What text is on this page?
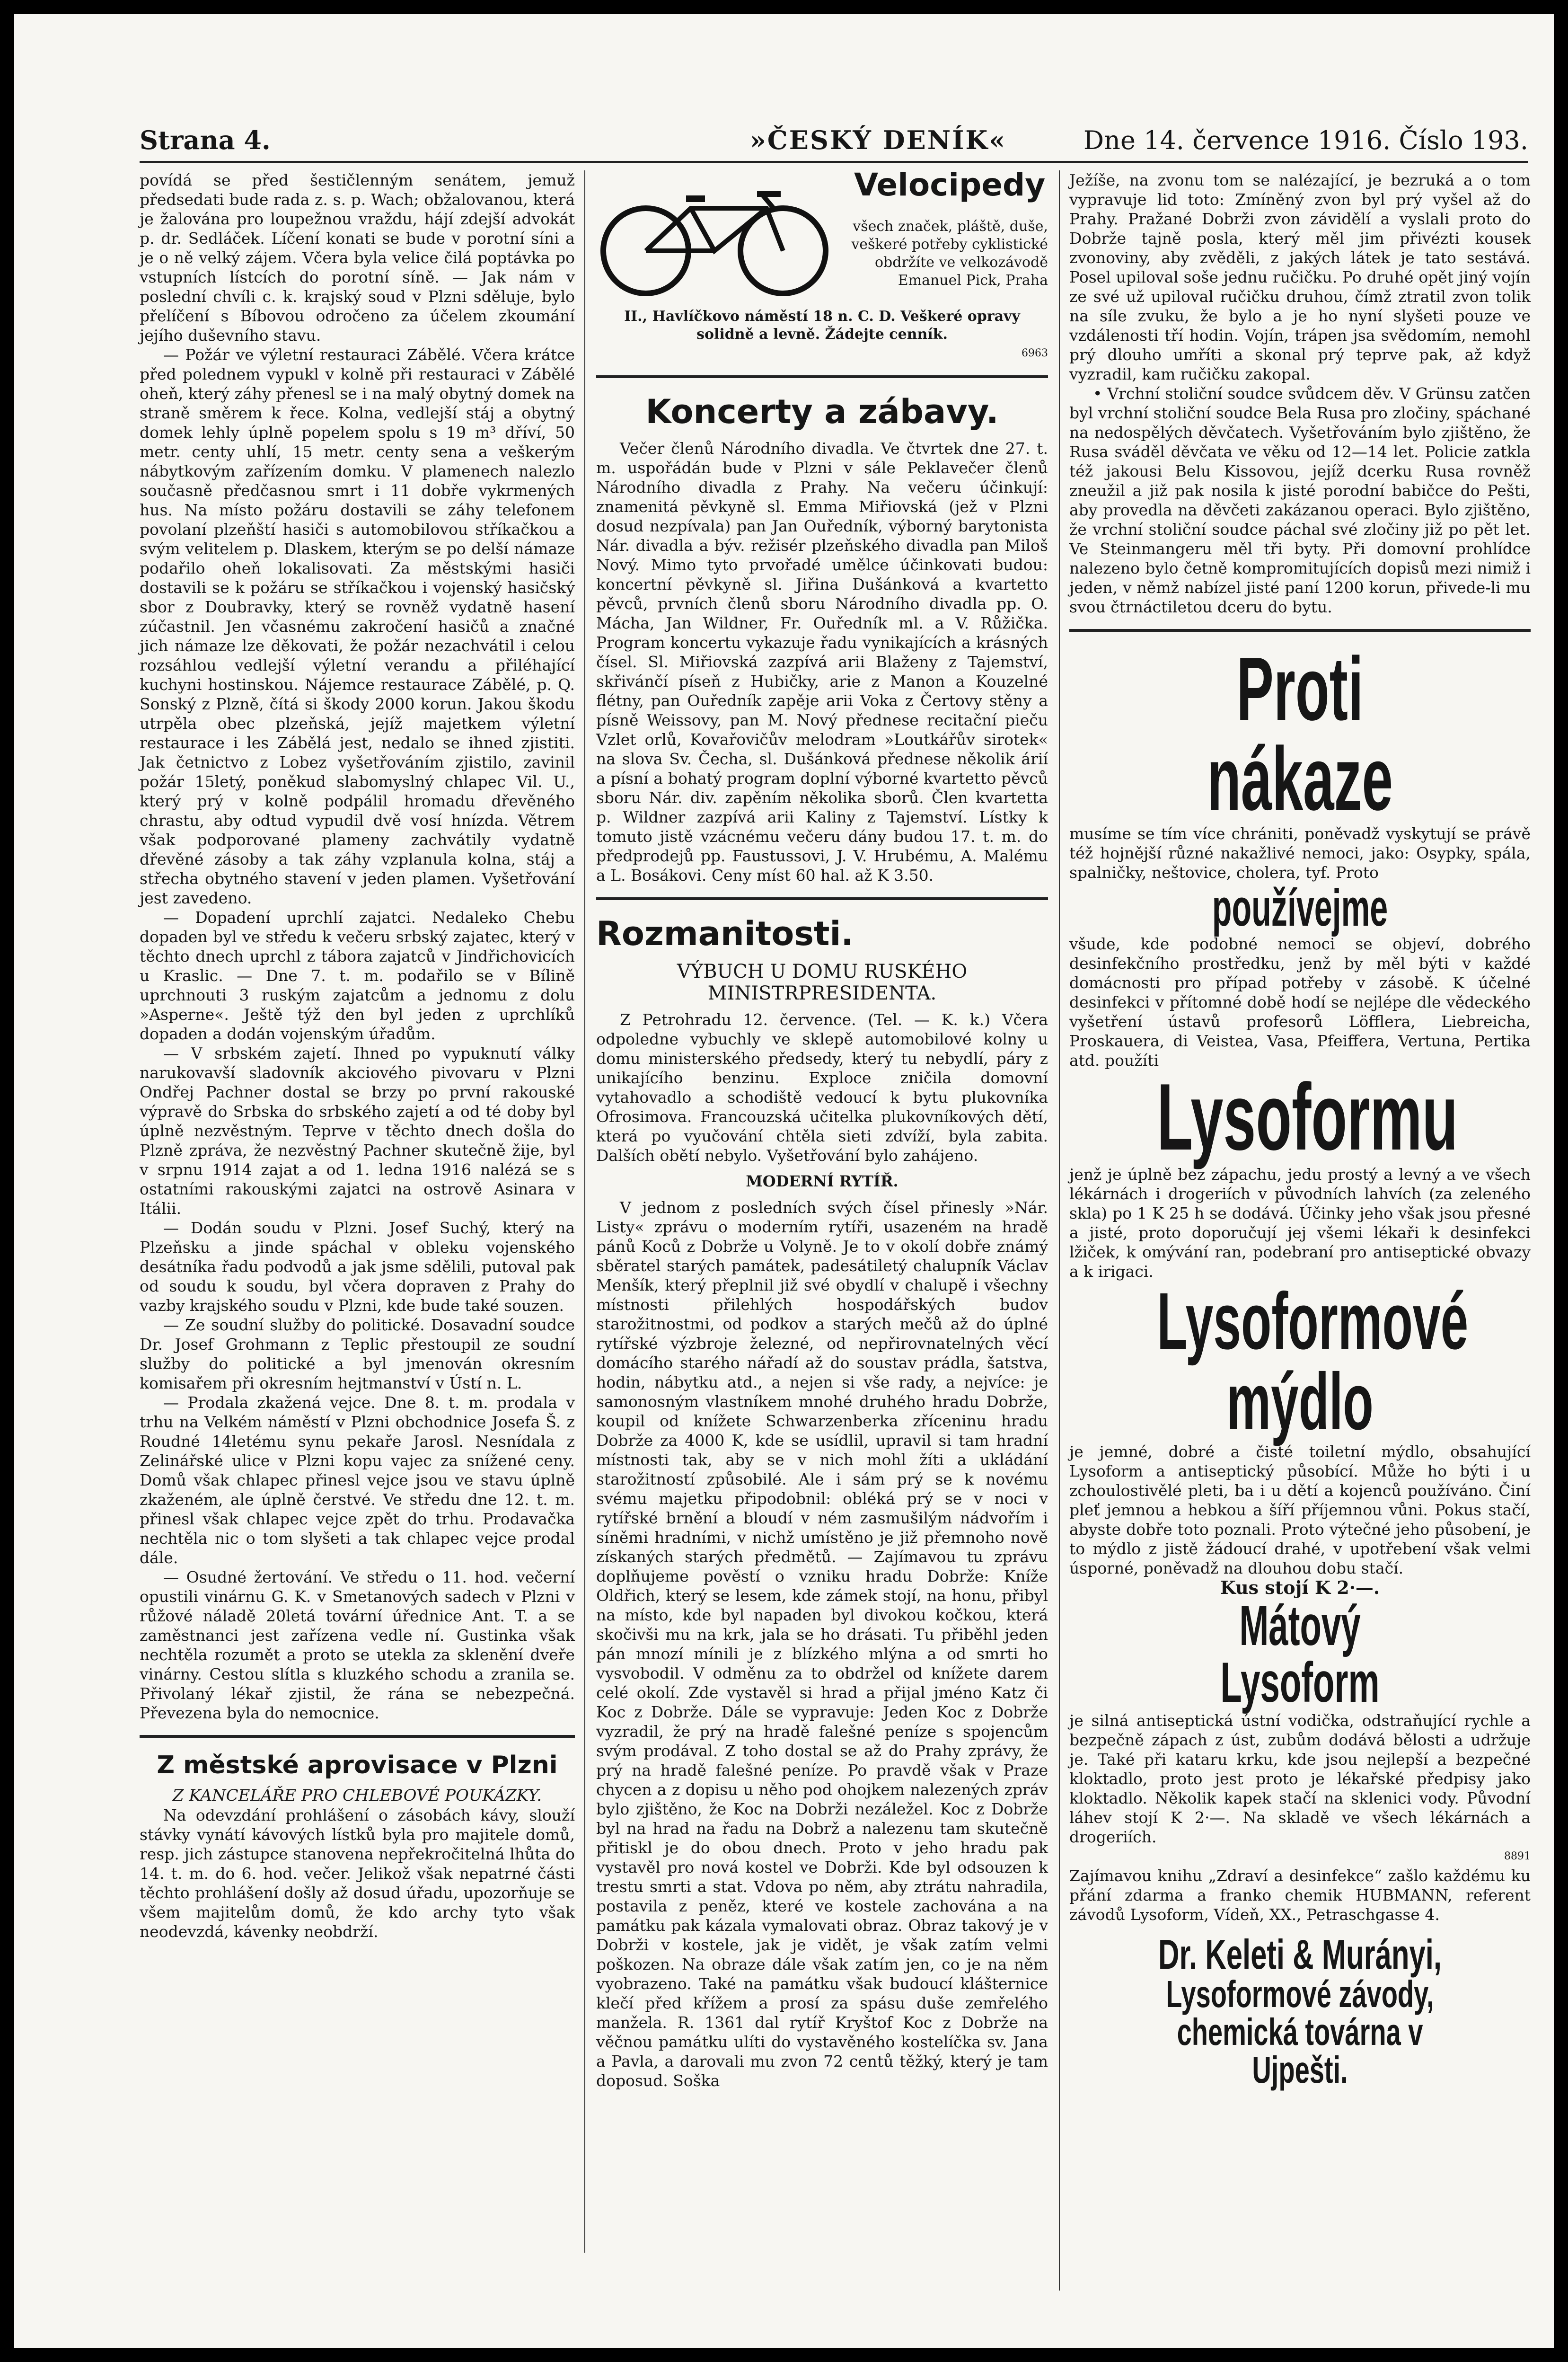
Strana 4.	»ČESKÝ DENÍK«	Dne 14. července 1916. Číslo 193.

povídá se před šestičlenným senátem, jemuž předsedati bude rada z. s. p. Wach; obžalovanou, která je žalována pro loupežnou vraždu, hájí zdejší advokát p. dr. Sedláček. Líčení konati se bude v porotní síni a je o ně velký zájem. Včera byla velice čilá poptávka po vstupních lístcích do porotní síně. — Jak nám v poslední chvíli c. k. krajský soud v Plzni sděluje, bylo přelíčení s Bíbovou odročeno za účelem zkoumání jejího duševního stavu.

— Požár ve výletní restauraci Zábělé. Včera krátce před polednem vypukl v kolně při restauraci v Zábělé oheň, který záhy přenesl se i na malý obytný domek na straně směrem k řece. Kolna, vedlejší stáj a obytný domek lehly úplně popelem spolu s 19 m³ dříví, 50 metr. centy uhlí, 15 metr. centy sena a veškerým nábytkovým zařízením domku. V plamenech nalezlo současně předčasnou smrt i 11 dobře vykrmených hus. Na místo požáru dostavili se záhy telefonem povolaní plzeňští hasiči s automobilovou stříkačkou a svým velitelem p. Dlaskem, kterým se po delší námaze podařilo oheň lokalisovati. Za městskými hasiči dostavili se k požáru se stříkačkou i vojenský hasičský sbor z Doubravky, který se rovněž vydatně hasení zúčastnil. Jen včasnému zakročení hasičů a značné jich námaze lze děkovati, že požár nezachvátil i celou rozsáhlou vedlejší výletní verandu a přiléhající kuchyni hostinskou. Nájemce restaurace Zábělé, p. Q. Sonský z Plzně, čítá si škody 2000 korun. Jakou škodu utrpěla obec plzeňská, jejíž majetkem výletní restaurace i les Zábělá jest, nedalo se ihned zjistiti. Jak četnictvo z Lobez vyšetřováním zjistilo, zavinil požár 15letý, poněkud slabomyslný chlapec Vil. U., který prý v kolně podpálil hromadu dřevěného chrastu, aby odtud vypudil dvě vosí hnízda. Větrem však podporované plameny zachvátily vydatně dřevěné zásoby a tak záhy vzplanula kolna, stáj a střecha obytného stavení v jeden plamen. Vyšetřování jest zavedeno.

— Dopadení uprchlí zajatci. Nedaleko Chebu dopaden byl ve středu k večeru srbský zajatec, který v těchto dnech uprchl z tábora zajatců v Jindřichovicích u Kraslic. — Dne 7. t. m. podařilo se v Bílině uprchnouti 3 ruským zajatcům a jednomu z dolu »Asperne«. Ještě týž den byl jeden z uprchlíků dopaden a dodán vojenským úřadům.

— V srbském zajetí. Ihned po vypuknutí války narukovavší sladovník akciového pivovaru v Plzni Ondřej Pachner dostal se brzy po první rakouské výpravě do Srbska do srbského zajetí a od té doby byl úplně nezvěstným. Teprve v těchto dnech došla do Plzně zpráva, že nezvěstný Pachner skutečně žije, byl v srpnu 1914 zajat a od 1. ledna 1916 nalézá se s ostatními rakouskými zajatci na ostrově Asinara v Itálii.

— Dodán soudu v Plzni. Josef Suchý, který na Plzeňsku a jinde spáchal v obleku vojenského desátníka řadu podvodů a jak jsme sdělili, putoval pak od soudu k soudu, byl včera dopraven z Prahy do vazby krajského soudu v Plzni, kde bude také souzen.

— Ze soudní služby do politické. Dosavadní soudce Dr. Josef Grohmann z Teplic přestoupil ze soudní služby do politické a byl jmenován okresním komisařem při okresním hejtmanství v Ústí n. L.

— Prodala zkažená vejce. Dne 8. t. m. prodala v trhu na Velkém náměstí v Plzni obchodnice Josefa Š. z Roudné 14letému synu pekaře Jarosl. Nesnídala z Zelinářské ulice v Plzni kopu vajec za snížené ceny. Domů však chlapec přinesl vejce jsou ve stavu úplně zkaženém, ale úplně čerstvé. Ve středu dne 12. t. m. přinesl však chlapec vejce zpět do trhu. Prodavačka nechtěla nic o tom slyšeti a tak chlapec vejce prodal dále.

— Osudné žertování. Ve středu o 11. hod. večerní opustili vinárnu G. K. v Smetanových sadech v Plzni v růžové náladě 20letá tovární úřednice Ant. T. a se zaměstnanci jest zařízena vedle ní. Gustinka však nechtěla rozumět a proto se utekla za sklenění dveře vinárny. Cestou slítla s kluzkého schodu a zranila se. Přivolaný lékař zjistil, že rána se nebezpečná. Převezena byla do nemocnice.

Z městské aprovisace v Plzni
Z KANCELÁŘE PRO CHLEBOVÉ POUKÁZKY.

Na odevzdání prohlášení o zásobách kávy, slouží stávky vynátí kávových lístků byla pro majitele domů, resp. jich zástupce stanovena nepřekročitelná lhůta do 14. t. m. do 6. hod. večer. Jelikož však nepatrné části těchto prohlášení došly až dosud úřadu, upozorňuje se všem majitelům domů, že kdo archy tyto však neodevzdá, kávenky neobdrží.

Velocipedy
všech značek, pláště, duše, veškeré potřeby cyklistické obdržíte ve velkozávodě Emanuel Pick, Praha
II., Havlíčkovo náměstí 18 n. C. D. Veškeré opravy solidně a levně. Žádejte cenník.
6963
Koncerty a zábavy.

Večer členů Národního divadla. Ve čtvrtek dne 27. t. m. uspořádán bude v Plzni v sále Peklavečer členů Národního divadla z Prahy. Na večeru účinkují: znamenitá pěvkyně sl. Emma Miřiovská (jež v Plzni dosud nezpívala) pan Jan Ouředník, výborný barytonista Nár. divadla a býv. režisér plzeňského divadla pan Miloš Nový. Mimo tyto prvořadé umělce účinkovati budou: koncertní pěvkyně sl. Jiřina Dušánková a kvartetto pěvců, prvních členů sboru Národního divadla pp. O. Mácha, Jan Wildner, Fr. Ouředník ml. a V. Růžička. Program koncertu vykazuje řadu vynikajících a krásných čísel. Sl. Miřiovská zazpívá arii Blaženy z Tajemství, skřivánčí píseň z Hubičky, arie z Manon a Kouzelné flétny, pan Ouředník zapěje arii Voka z Čertovy stěny a písně Weissovy, pan M. Nový přednese recitační pieču Vzlet orlů, Kovařovičův melodram »Loutkářův sirotek« na slova Sv. Čecha, sl. Dušánková přednese několik árií a písní a bohatý program doplní výborné kvartetto pěvců sboru Nár. div. zapěním několika sborů. Člen kvartetta p. Wildner zazpívá arii Kaliny z Tajemství. Lístky k tomuto jistě vzácnému večeru dány budou 17. t. m. do předprodejů pp. Faustussovi, J. V. Hrubému, A. Malému a L. Bosákovi. Ceny míst 60 hal. až K 3.50.

Rozmanitosti.
VÝBUCH U DOMU RUSKÉHO MINISTRPRESIDENTA.

Z Petrohradu 12. července. (Tel. — K. k.) Včera odpoledne vybuchly ve sklepě automobilové kolny u domu ministerského předsedy, který tu nebydlí, páry z unikajícího benzinu. Exploce zničila domovní vytahovadlo a schodiště vedoucí k bytu plukovníka Ofrosimova. Francouzská učitelka plukovníkových dětí, která po vyučování chtěla sieti zdvíží, byla zabita. Dalších obětí nebylo. Vyšetřování bylo zahájeno.

MODERNÍ RYTÍŘ.

V jednom z posledních svých čísel přinesly »Nár. Listy« zprávu o moderním rytíři, usazeném na hradě pánů Koců z Dobrže u Volyně. Je to v okolí dobře známý sběratel starých památek, padesátiletý chalupník Václav Menšík, který přeplnil již své obydlí v chalupě i všechny místnosti přilehlých hospodářských budov starožitnostmi, od podkov a starých mečů až do úplné rytířské výzbroje železné, od nepřirovnatelných věcí domácího starého nářadí až do soustav prádla, šatstva, hodin, nábytku atd., a nejen si vše rady, a nejvíce: je samonosným vlastníkem mnohé druhého hradu Dobrže, koupil od knížete Schwarzenberka zříceninu hradu Dobrže za 4000 K, kde se usídlil, upravil si tam hradní místnosti tak, aby se v nich mohl žíti a ukládání starožitností způsobilé. Ale i sám prý se k novému svému majetku připodobnil: obléká prý se v noci v rytířské brnění a bloudí v ném zasmušilým nádvořím i síněmi hradními, v nichž umístěno je již přemnoho nově získaných starých předmětů. — Zajímavou tu zprávu doplňujeme pověstí o vzniku hradu Dobrže: Kníže Oldřich, který se lesem, kde zámek stojí, na honu, přibyl na místo, kde byl napaden byl divokou kočkou, která skočivši mu na krk, jala se ho drásati. Tu přiběhl jeden pán mnozí mínili je z blízkého mlýna a od smrti ho vysvobodil. V odměnu za to obdržel od knížete darem celé okolí. Zde vystavěl si hrad a přijal jméno Katz či Koc z Dobrže. Dále se vypravuje: Jeden Koc z Dobrže vyzradil, že prý na hradě falešné peníze s spojencům svým prodával. Z toho dostal se až do Prahy zprávy, že prý na hradě falešné peníze. Po pravdě však v Praze chycen a z dopisu u něho pod ohojkem nalezených zpráv bylo zjištěno, že Koc na Dobrži nezáležel. Koc z Dobrže byl na hrad na řadu na Dobrž a nalezenu tam skutečně přitiskl je do obou dnech. Proto v jeho hradu pak vystavěl pro nová kostel ve Dobrži. Kde byl odsouzen k trestu smrti a stat. Vdova po něm, aby ztrátu nahradila, postavila z peněz, které ve kostele zachována a na památku pak kázala vymalovati obraz. Obraz takový je v Dobrži v kostele, jak je vidět, je však zatím velmi poškozen. Na obraze dále však zatím jen, co je na něm vyobrazeno. Také na památku však budoucí klášternice klečí před křížem a prosí za spásu duše zemřelého manžela. R. 1361 dal rytíř Kryštof Koc z Dobrže na věčnou památku ulíti do vystavěného kostelíčka sv. Jana a Pavla, a darovali mu zvon 72 centů těžký, který je tam doposud. Soška

Ježíše, na zvonu tom se nalézající, je bezruká a o tom vypravuje lid toto: Zmíněný zvon byl prý vyšel až do Prahy. Pražané Dobrži zvon závidělí a vyslali proto do Dobrže tajně posla, který měl jim přivézti kousek zvonoviny, aby zvěděli, z jakých látek je tato sestává. Posel upiloval soše jednu ručičku. Po druhé opět jiný vojín ze své už upiloval ručičku druhou, čímž ztratil zvon tolik na síle zvuku, že bylo a je ho nyní slyšeti pouze ve vzdálenosti tří hodin. Vojín, trápen jsa svědomím, nemohl prý dlouho umříti a skonal prý teprve pak, až když vyzradil, kam ručičku zakopal.

• Vrchní stoliční soudce svůdcem děv. V Grünsu zatčen byl vrchní stoliční soudce Bela Rusa pro zločiny, spáchané na nedospělých děvčatech. Vyšetřováním bylo zjištěno, že Rusa sváděl děvčata ve věku od 12—14 let. Policie zatkla též jakousi Belu Kissovou, jejíž dcerku Rusa rovněž zneužil a již pak nosila k jisté porodní babičce do Pešti, aby provedla na děvčeti zakázanou operaci. Bylo zjištěno, že vrchní stoliční soudce páchal své zločiny již po pět let. Ve Steinmangeru měl tři byty. Při domovní prohlídce nalezeno bylo četně kompromitujících dopisů mezi nimiž i jeden, v němž nabízel jisté paní 1200 korun, přivede-li mu svou čtrnáctiletou dceru do bytu.

Proti nákaze
musíme se tím více chrániti, poněvadž vyskytují se právě též hojnější různé nakažlivé nemoci, jako: Osypky, spála, spalničky, neštovice, cholera, tyf. Proto
používejme
všude, kde podobné nemoci se objeví, dobrého desinfekčního prostředku, jenž by měl býti v každé domácnosti pro případ potřeby v zásobě. K účelné desinfekci v přítomné době hodí se nejlépe dle vědeckého vyšetření ústavů profesorů Löfflera, Liebreicha, Proskauera, di Veistea, Vasa, Pfeiffera, Vertuna, Pertika atd. použíti
Lysoformu
jenž je úplně bez zápachu, jedu prostý a levný a ve všech lékárnách i drogeriích v původních lahvích (za zeleného skla) po 1 K 25 h se dodává. Účinky jeho však jsou přesné a jisté, proto doporučují jej všemi lékaři k desinfekci lžiček, k omývání ran, podebraní pro antiseptické obvazy a k irigaci.
Lysoformové
mýdlo
je jemné, dobré a čisté toiletní mýdlo, obsahující Lysoform a antiseptický působící. Může ho býti i u zchoulostivělé pleti, ba i u dětí a kojenců používáno. Činí pleť jemnou a hebkou a šíří příjemnou vůni. Pokus stačí, abyste dobře toto poznali. Proto výtečné jeho působení, je to mýdlo z jistě žádoucí drahé, v upotřebení však velmi úsporné, poněvadž na dlouhou dobu stačí.
Kus stojí K 2·—.
Mátový Lysoform
je silná antiseptická ústní vodička, odstraňující rychle a bezpečně zápach z úst, zubům dodává bělosti a udržuje je. Také při kataru krku, kde jsou nejlepší a bezpečné kloktadlo, proto jest proto je lékařské předpisy jako kloktadlo. Několik kapek stačí na sklenici vody. Původní láhev stojí K 2·—. Na skladě ve všech lékárnách a drogeriích.
8891
Zajímavou knihu „Zdraví a desinfekce“ zašlo každému ku přání zdarma a franko chemik HUBMANN, referent závodů Lysoform, Vídeň, XX., Petraschgasse 4.
Dr. Keleti & Murányi,
Lysoformové závody,
chemická továrna v Ujpešti.
